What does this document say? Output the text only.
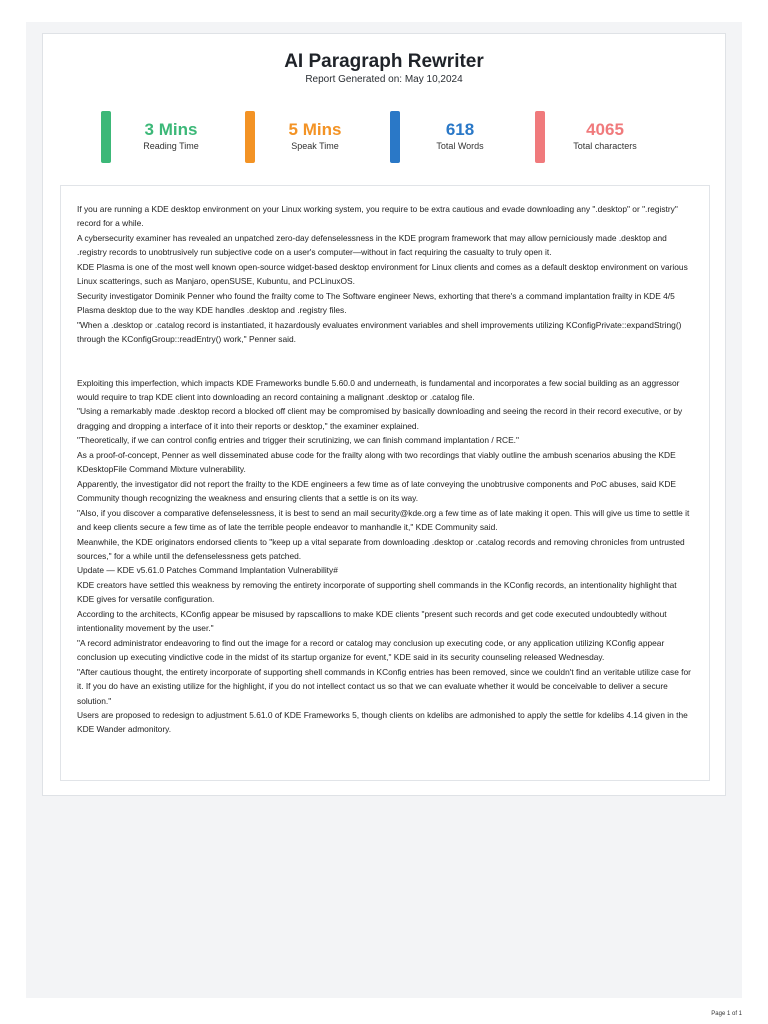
AI Paragraph Rewriter
Report Generated on: May 10,2024
3 Mins
Reading Time
5 Mins
Speak Time
618
Total Words
4065
Total characters

If you are running a KDE desktop environment on your Linux working system, you require to be extra cautious and evade downloading any ".desktop" or ".registry" record for a while.

A cybersecurity examiner has revealed an unpatched zero-day defenselessness in the KDE program framework that may allow perniciously made .desktop and .registry records to unobtrusively run subjective code on a user's computer—without in fact requiring the casualty to truly open it.

KDE Plasma is one of the most well known open-source widget-based desktop environment for Linux clients and comes as a default desktop environment on various Linux scatterings, such as Manjaro, openSUSE, Kubuntu, and PCLinuxOS.

Security investigator Dominik Penner who found the frailty come to The Software engineer News, exhorting that there's a command implantation frailty in KDE 4/5 Plasma desktop due to the way KDE handles .desktop and .registry files.

"When a .desktop or .catalog record is instantiated, it hazardously evaluates environment variables and shell improvements utilizing KConfigPrivate::expandString() through the KConfigGroup::readEntry() work," Penner said.

Exploiting this imperfection, which impacts KDE Frameworks bundle 5.60.0 and underneath, is fundamental and incorporates a few social building as an aggressor would require to trap KDE client into downloading an record containing a malignant .desktop or .catalog file.

"Using a remarkably made .desktop record a blocked off client may be compromised by basically downloading and seeing the record in their record executive, or by dragging and dropping a interface of it into their reports or desktop," the examiner explained.

"Theoretically, if we can control config entries and trigger their scrutinizing, we can finish command implantation / RCE."

As a proof-of-concept, Penner as well disseminated abuse code for the frailty along with two recordings that viably outline the ambush scenarios abusing the KDE KDesktopFile Command Mixture vulnerability.

Apparently, the investigator did not report the frailty to the KDE engineers a few time as of late conveying the unobtrusive components and PoC abuses, said KDE Community though recognizing the weakness and ensuring clients that a settle is on its way.

"Also, if you discover a comparative defenselessness, it is best to send an mail security@kde.org a few time as of late making it open. This will give us time to settle it and keep clients secure a few time as of late the terrible people endeavor to manhandle it," KDE Community said.

Meanwhile, the KDE originators endorsed clients to "keep up a vital separate from downloading .desktop or .catalog records and removing chronicles from untrusted sources," for a while until the defenselessness gets patched.

Update — KDE v5.61.0 Patches Command Implantation Vulnerability#

KDE creators have settled this weakness by removing the entirety incorporate of supporting shell commands in the KConfig records, an intentionality highlight that KDE gives for versatile configuration.

According to the architects, KConfig appear be misused by rapscallions to make KDE clients "present such records and get code executed undoubtedly without intentionality movement by the user."

"A record administrator endeavoring to find out the image for a record or catalog may conclusion up executing code, or any application utilizing KConfig appear conclusion up executing vindictive code in the midst of its startup organize for event," KDE said in its security counseling released Wednesday.

"After cautious thought, the entirety incorporate of supporting shell commands in KConfig entries has been removed, since we couldn't find an veritable utilize case for it. If you do have an existing utilize for the highlight, if you do not intellect contact us so that we can evaluate whether it would be conceivable to deliver a secure solution."

Users are proposed to redesign to adjustment 5.61.0 of KDE Frameworks 5, though clients on kdelibs are admonished to apply the settle for kdelibs 4.14 given in the KDE Wander admonitory.

Page 1 of 1
